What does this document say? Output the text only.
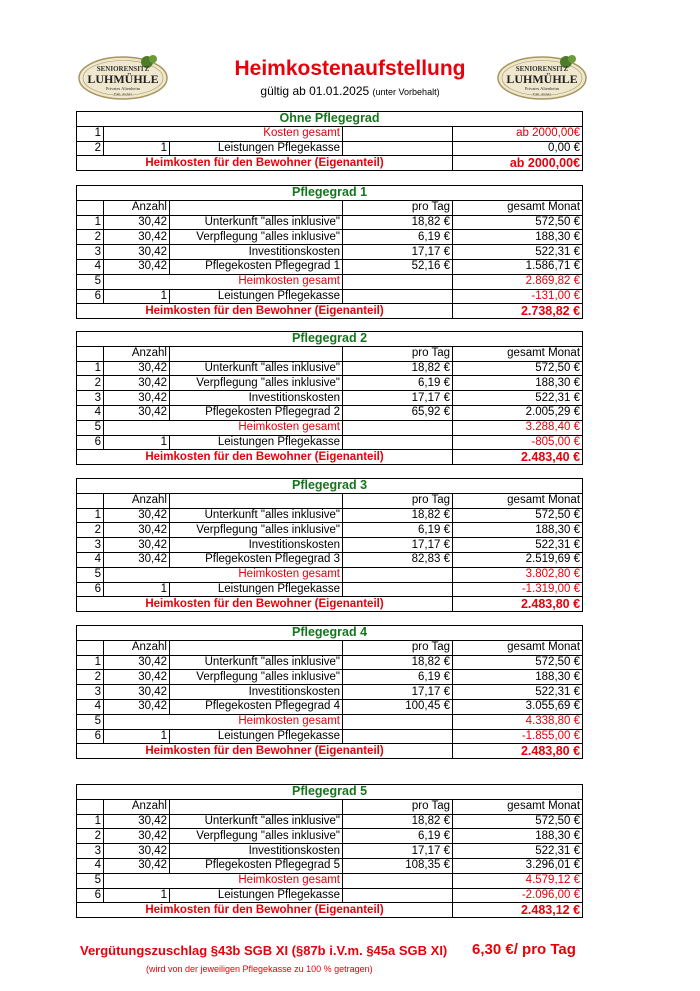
SENIORENSITZ
LUHMÜHLE
Privates Altenheim
Fam. Anders
SENIORENSITZ
LUHMÜHLE
Privates Altenheim
Fam. Anders
Heimkostenaufstellung
gültig ab 01.01.2025 (unter Vorbehalt)
Ohne Pflegegrad				
1	Kosten gesamt			ab 2000,00€
2	1	Leistungen Pflegekasse		0,00 €
Heimkosten für den Bewohner (Eigenanteil)				ab 2000,00€
Pflegegrad 1				
	Anzahl		pro Tag	gesamt Monat
1	30,42	Unterkunft "alles inklusive"	18,82 €	572,50 €
2	30,42	Verpflegung "alles inklusive"	6,19 €	188,30 €
3	30,42	Investitionskosten	17,17 €	522,31 €
4	30,42	Pflegekosten Pflegegrad 1	52,16 €	1.586,71 €
5	Heimkosten gesamt			2.869,82 €
6	1	Leistungen Pflegekasse		-131,00 €
Heimkosten für den Bewohner (Eigenanteil)				2.738,82 €
Pflegegrad 2				
	Anzahl		pro Tag	gesamt Monat
1	30,42	Unterkunft "alles inklusive"	18,82 €	572,50 €
2	30,42	Verpflegung "alles inklusive"	6,19 €	188,30 €
3	30,42	Investitionskosten	17,17 €	522,31 €
4	30,42	Pflegekosten Pflegegrad 2	65,92 €	2.005,29 €
5	Heimkosten gesamt			3.288,40 €
6	1	Leistungen Pflegekasse		-805,00 €
Heimkosten für den Bewohner (Eigenanteil)				2.483,40 €
Pflegegrad 3				
	Anzahl		pro Tag	gesamt Monat
1	30,42	Unterkunft "alles inklusive"	18,82 €	572,50 €
2	30,42	Verpflegung "alles inklusive"	6,19 €	188,30 €
3	30,42	Investitionskosten	17,17 €	522,31 €
4	30,42	Pflegekosten Pflegegrad 3	82,83 €	2.519,69 €
5	Heimkosten gesamt			3.802,80 €
6	1	Leistungen Pflegekasse		-1.319,00 €
Heimkosten für den Bewohner (Eigenanteil)				2.483,80 €
Pflegegrad 4				
	Anzahl		pro Tag	gesamt Monat
1	30,42	Unterkunft "alles inklusive"	18,82 €	572,50 €
2	30,42	Verpflegung "alles inklusive"	6,19 €	188,30 €
3	30,42	Investitionskosten	17,17 €	522,31 €
4	30,42	Pflegekosten Pflegegrad 4	100,45 €	3.055,69 €
5	Heimkosten gesamt			4.338,80 €
6	1	Leistungen Pflegekasse		-1.855,00 €
Heimkosten für den Bewohner (Eigenanteil)				2.483,80 €
Pflegegrad 5				
	Anzahl		pro Tag	gesamt Monat
1	30,42	Unterkunft "alles inklusive"	18,82 €	572,50 €
2	30,42	Verpflegung "alles inklusive"	6,19 €	188,30 €
3	30,42	Investitionskosten	17,17 €	522,31 €
4	30,42	Pflegekosten Pflegegrad 5	108,35 €	3.296,01 €
5	Heimkosten gesamt			4.579,12 €
6	1	Leistungen Pflegekasse		-2.096,00 €
Heimkosten für den Bewohner (Eigenanteil)				2.483,12 €
Vergütungszuschlag §43b SGB XI (§87b i.V.m. §45a SGB XI) 6,30 €/ pro Tag
(wird von der jeweiligen Pflegekasse zu 100 % getragen)
